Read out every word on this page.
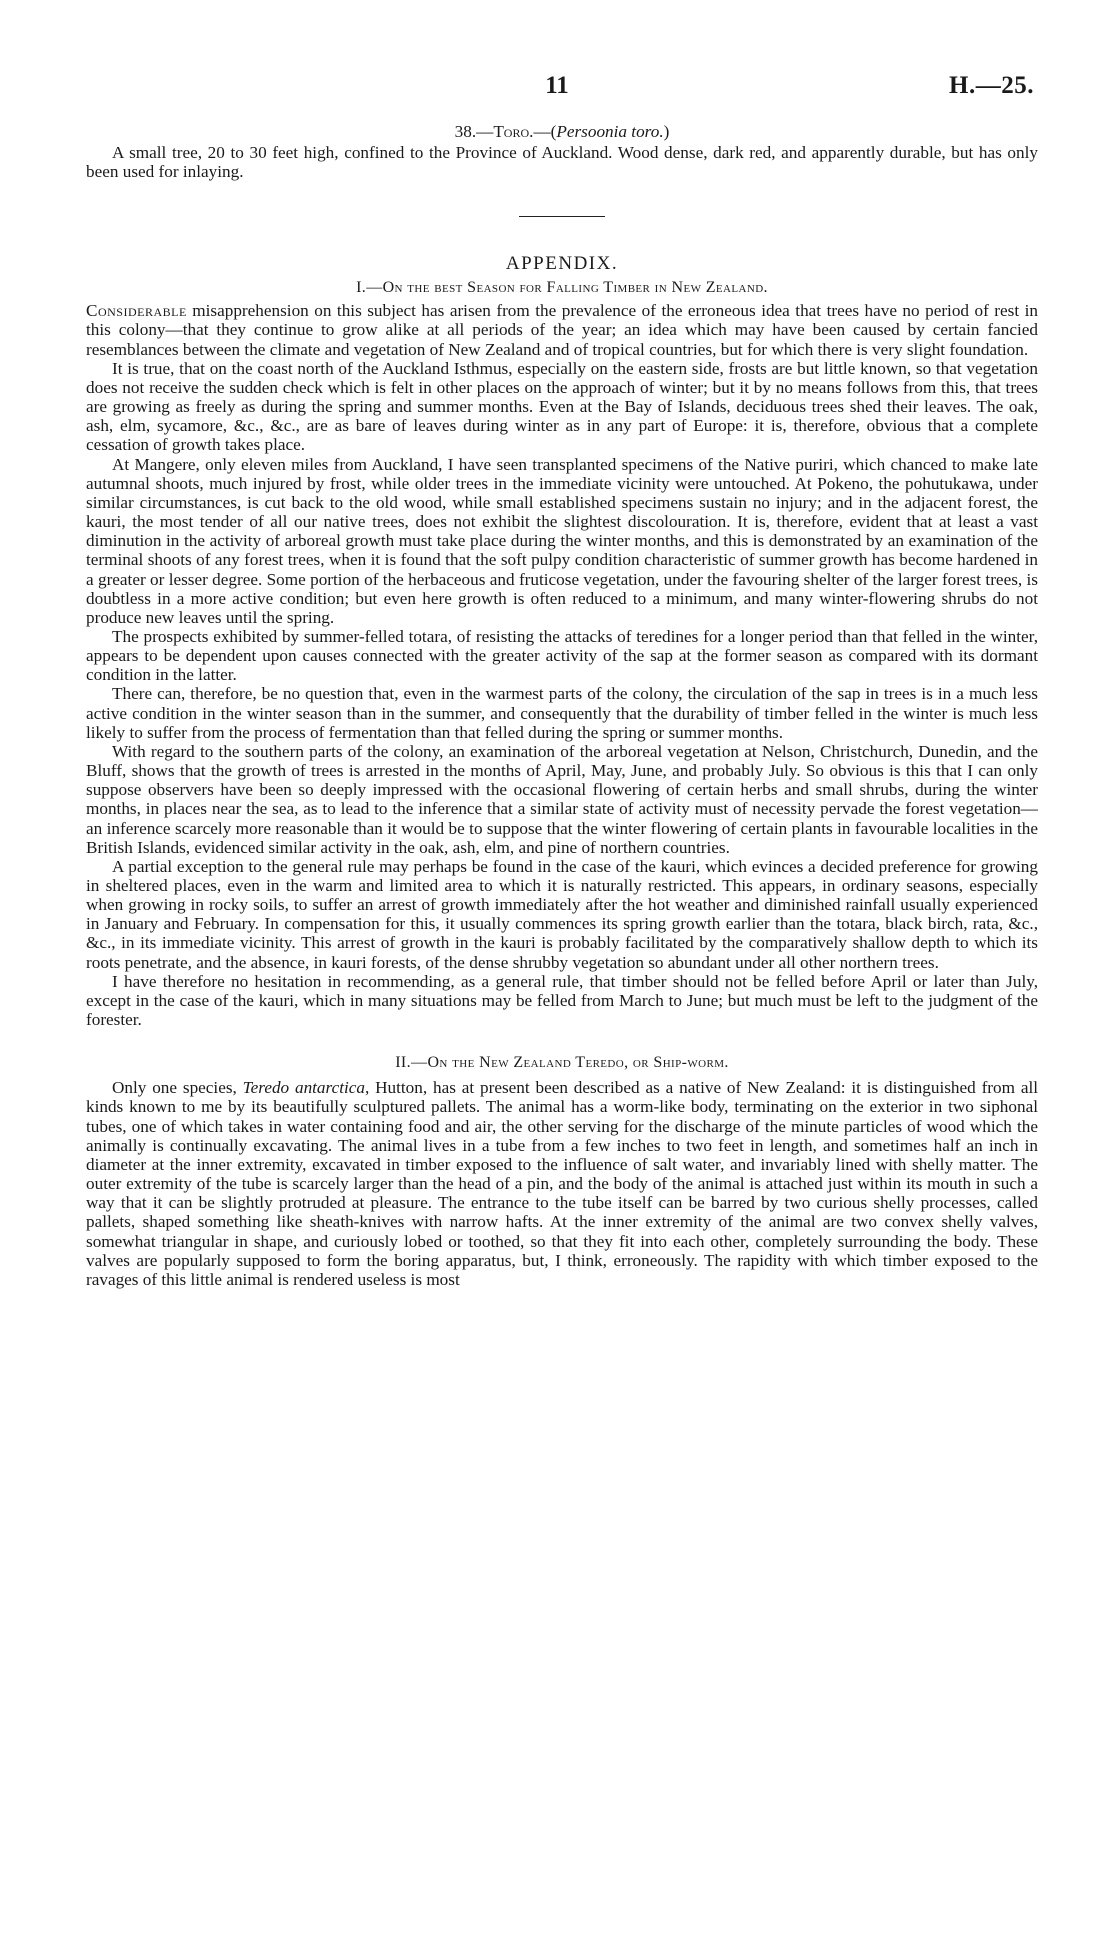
11	H.—25.
38.—Toro.—(Persoonia toro.)

A small tree, 20 to 30 feet high, confined to the Province of Auckland. Wood dense, dark red, and apparently durable, but has only been used for inlaying.

APPENDIX.
I.—On the best Season for Falling Timber in New Zealand.

Considerable misapprehension on this subject has arisen from the prevalence of the erroneous idea that trees have no period of rest in this colony—that they continue to grow alike at all periods of the year; an idea which may have been caused by certain fancied resemblances between the climate and vegetation of New Zealand and of tropical countries, but for which there is very slight foundation.

It is true, that on the coast north of the Auckland Isthmus, especially on the eastern side, frosts are but little known, so that vegetation does not receive the sudden check which is felt in other places on the approach of winter; but it by no means follows from this, that trees are growing as freely as during the spring and summer months. Even at the Bay of Islands, deciduous trees shed their leaves. The oak, ash, elm, sycamore, &c., &c., are as bare of leaves during winter as in any part of Europe: it is, therefore, obvious that a complete cessation of growth takes place.

At Mangere, only eleven miles from Auckland, I have seen transplanted specimens of the Native puriri, which chanced to make late autumnal shoots, much injured by frost, while older trees in the immediate vicinity were untouched. At Pokeno, the pohutukawa, under similar circumstances, is cut back to the old wood, while small established specimens sustain no injury; and in the adjacent forest, the kauri, the most tender of all our native trees, does not exhibit the slightest discolouration. It is, therefore, evident that at least a vast diminution in the activity of arboreal growth must take place during the winter months, and this is demonstrated by an examination of the terminal shoots of any forest trees, when it is found that the soft pulpy condition characteristic of summer growth has become hardened in a greater or lesser degree. Some portion of the herbaceous and fruticose vegetation, under the favouring shelter of the larger forest trees, is doubtless in a more active condition; but even here growth is often reduced to a minimum, and many winter-flowering shrubs do not produce new leaves until the spring.

The prospects exhibited by summer-felled totara, of resisting the attacks of teredines for a longer period than that felled in the winter, appears to be dependent upon causes connected with the greater activity of the sap at the former season as compared with its dormant condition in the latter.

There can, therefore, be no question that, even in the warmest parts of the colony, the circulation of the sap in trees is in a much less active condition in the winter season than in the summer, and consequently that the durability of timber felled in the winter is much less likely to suffer from the process of fermentation than that felled during the spring or summer months.

With regard to the southern parts of the colony, an examination of the arboreal vegetation at Nelson, Christchurch, Dunedin, and the Bluff, shows that the growth of trees is arrested in the months of April, May, June, and probably July. So obvious is this that I can only suppose observers have been so deeply impressed with the occasional flowering of certain herbs and small shrubs, during the winter months, in places near the sea, as to lead to the inference that a similar state of activity must of necessity pervade the forest vegetation—an inference scarcely more reasonable than it would be to suppose that the winter flowering of certain plants in favourable localities in the British Islands, evidenced similar activity in the oak, ash, elm, and pine of northern countries.

A partial exception to the general rule may perhaps be found in the case of the kauri, which evinces a decided preference for growing in sheltered places, even in the warm and limited area to which it is naturally restricted. This appears, in ordinary seasons, especially when growing in rocky soils, to suffer an arrest of growth immediately after the hot weather and diminished rainfall usually experienced in January and February. In compensation for this, it usually commences its spring growth earlier than the totara, black birch, rata, &c., &c., in its immediate vicinity. This arrest of growth in the kauri is probably facilitated by the comparatively shallow depth to which its roots penetrate, and the absence, in kauri forests, of the dense shrubby vegetation so abundant under all other northern trees.

I have therefore no hesitation in recommending, as a general rule, that timber should not be felled before April or later than July, except in the case of the kauri, which in many situations may be felled from March to June; but much must be left to the judgment of the forester.

II.—On the New Zealand Teredo, or Ship-worm.

Only one species, Teredo antarctica, Hutton, has at present been described as a native of New Zealand: it is distinguished from all kinds known to me by its beautifully sculptured pallets. The animal has a worm-like body, terminating on the exterior in two siphonal tubes, one of which takes in water containing food and air, the other serving for the discharge of the minute particles of wood which the animally is continually excavating. The animal lives in a tube from a few inches to two feet in length, and sometimes half an inch in diameter at the inner extremity, excavated in timber exposed to the influence of salt water, and invariably lined with shelly matter. The outer extremity of the tube is scarcely larger than the head of a pin, and the body of the animal is attached just within its mouth in such a way that it can be slightly protruded at pleasure. The entrance to the tube itself can be barred by two curious shelly processes, called pallets, shaped something like sheath-knives with narrow hafts. At the inner extremity of the animal are two convex shelly valves, somewhat triangular in shape, and curiously lobed or toothed, so that they fit into each other, completely surrounding the body. These valves are popularly supposed to form the boring apparatus, but, I think, erroneously. The rapidity with which timber exposed to the ravages of this little animal is rendered useless is most
